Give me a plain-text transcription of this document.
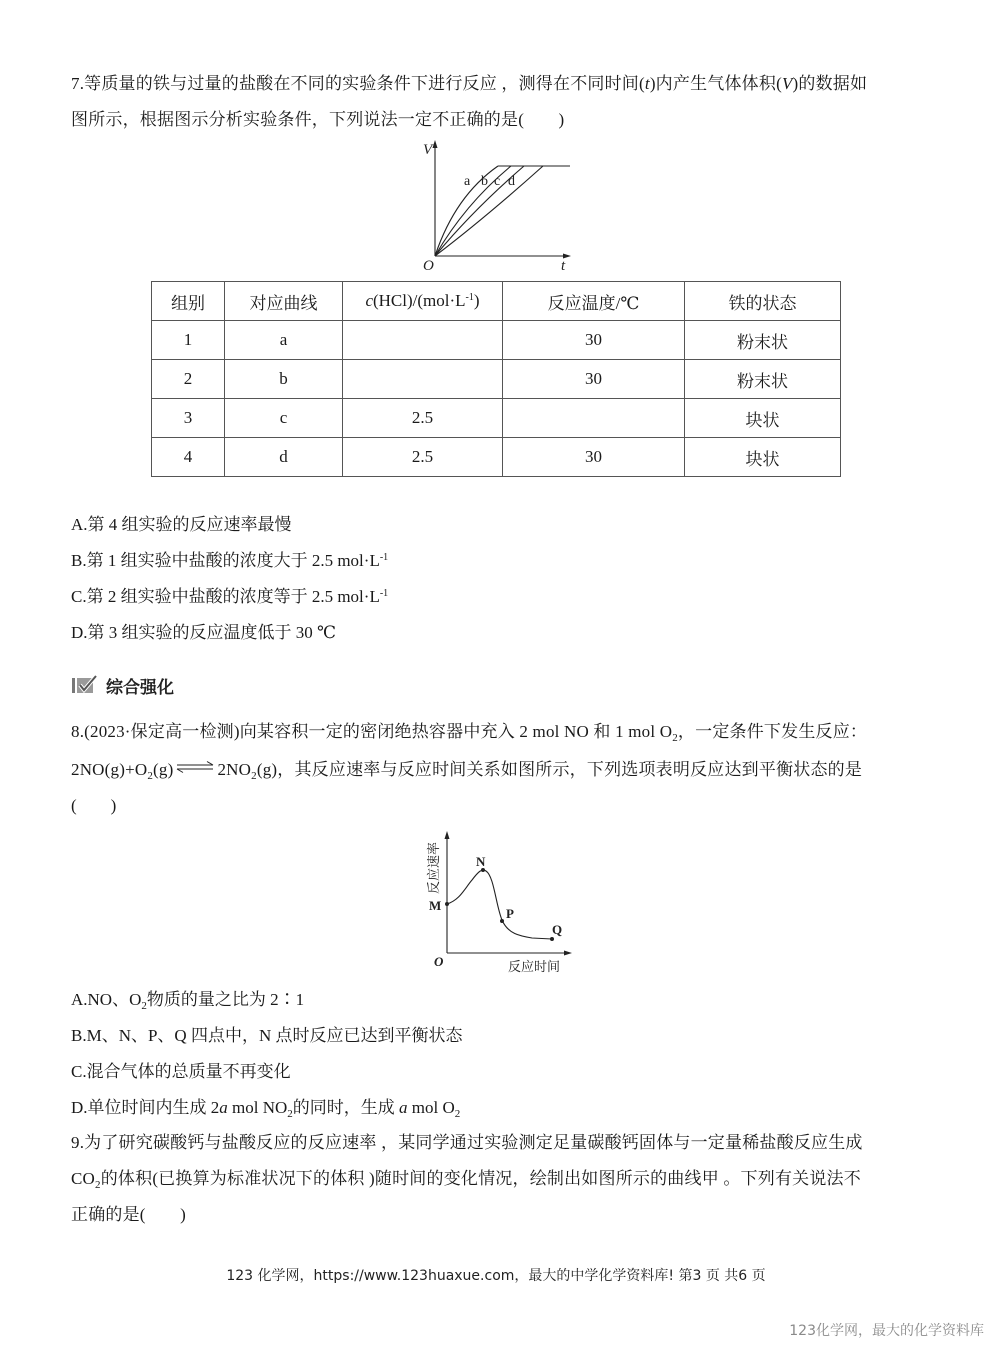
7.等质量的铁与过量的盐酸在不同的实验条件下进行反应 ，测得在不同时间(t)内产生气体体积(V)的数据如
图所示，根据图示分析实验条件，下列说法一定不正确的是(　　)
V
t
O
a b c d
组别	对应曲线	$c(HCl)/(mol\cdot L^{-1})$	反应温度/℃	铁的状态
1	a		30	粉末状
2	b		30	粉末状
3	c	2.5		块状
4	d	2.5	30	块状
A.第 4 组实验的反应速率最慢
B.第 1 组实验中盐酸的浓度大于 2.5 $mol\cdot L^{-1}$
C.第 2 组实验中盐酸的浓度等于 2.5 $mol\cdot L^{-1}$
D.第 3 组实验的反应温度低于 30 ℃
综合强化
8.(2023·保定高一检测)向某容积一定的密闭绝热容器中充入 2 mol NO 和 1 mol $O_2$，一定条件下发生反应：
$2NO(g)+O_2(g)$ ⇌ $2NO_2(g)$，其反应速率与反应时间关系如图所示，下列选项表明反应达到平衡状态的是
(　　)
M
N
P
Q
O
反应速率
反应时间
A.NO、$O_2$物质的量之比为 2∶1
B.M、N、P、Q 四点中，N 点时反应已达到平衡状态
C.混合气体的总质量不再变化
D.单位时间内生成 2a mol $NO_2$的同时，生成 a mol $O_2$
9.为了研究碳酸钙与盐酸反应的反应速率 ，某同学通过实验测定足量碳酸钙固体与一定量稀盐酸反应生成
$CO_2$的体积(已换算为标准状况下的体积 )随时间的变化情况，绘制出如图所示的曲线甲 。下列有关说法不
正确的是(　　)
123 化学网，https://www.123huaxue.com，最大的中学化学资料库! 第3 页 共6 页
123化学网，最大的化学资料库
